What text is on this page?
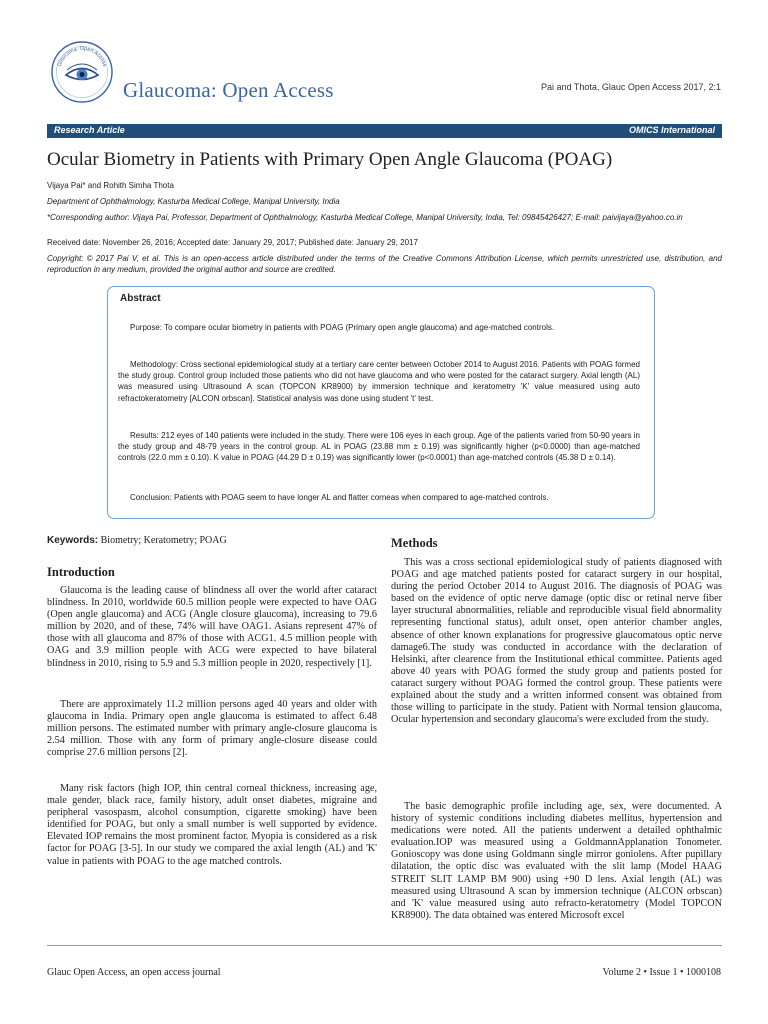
Glaucoma: Open Access
Glaucoma: Open Access	Pai and Thota, Glauc Open Access 2017, 2:1
Research Article	OMICS International
Ocular Biometry in Patients with Primary Open Angle Glaucoma (POAG)
Vijaya Pai* and Rohith Simha Thota
Department of Ophthalmology, Kasturba Medical College, Manipal University, India
*Corresponding author: Vijaya Pai, Professor, Department of Ophthalmology, Kasturba Medical College, Manipal University, India, Tel: 09845426427; E-mail: paivijaya@yahoo.co.in
Received date: November 26, 2016; Accepted date: January 29, 2017; Published date: January 29, 2017
Copyright: © 2017 Pai V, et al. This is an open-access article distributed under the terms of the Creative Commons Attribution License, which permits unrestricted use, distribution, and reproduction in any medium, provided the original author and source are credited.
Abstract

Purpose: To compare ocular biometry in patients with POAG (Primary open angle glaucoma) and age-matched controls.

Methodology: Cross sectional epidemiological study at a tertiary care center between October 2014 to August 2016. Patients with POAG formed the study group. Control group included those patients who did not have glaucoma and who were posted for the cataract surgery. Axial length (AL) was measured using Ultrasound A scan (TOPCON KR8900) by immersion technique and keratometry 'K' value measured using auto refractokeratometry [ALCON orbscan]. Statistical analysis was done using student 't' test.

Results: 212 eyes of 140 patients were included in the study. There were 106 eyes in each group. Age of the patients varied from 50-90 years in the study group and 48-79 years in the control group. AL in POAG (23.88 mm ± 0.19) was significantly higher (p<0.0000) than age-matched controls (22.0 mm ± 0.10). K value in POAG (44.29 D ± 0.19) was significantly lower (p<0.0001) than age-matched controls (45.38 D ± 0.14).

Conclusion: Patients with POAG seem to have longer AL and flatter corneas when compared to age-matched controls.

Keywords: Biometry; Keratometry; POAG
Introduction

Glaucoma is the leading cause of blindness all over the world after cataract blindness. In 2010, worldwide 60.5 million people were expected to have OAG (Open angle glaucoma) and ACG (Angle closure glaucoma), increasing to 79.6 million by 2020, and of these, 74% will have OAG1. Asians represent 47% of those with all glaucoma and 87% of those with ACG1. 4.5 million people with OAG and 3.9 million people with ACG were expected to have bilateral blindness in 2010, rising to 5.9 and 5.3 million people in 2020, respectively [1].

There are approximately 11.2 million persons aged 40 years and older with glaucoma in India. Primary open angle glaucoma is estimated to affect 6.48 million persons. The estimated number with primary angle-closure glaucoma is 2.54 million. Those with any form of primary angle-closure disease could comprise 27.6 million persons [2].

Many risk factors (high IOP, thin central corneal thickness, increasing age, male gender, black race, family history, adult onset diabetes, migraine and peripheral vasospasm, alcohol consumption, cigarette smoking) have been identified for POAG, but only a small number is well supported by evidence. Elevated IOP remains the most prominent factor. Myopia is considered as a risk factor for POAG [3-5]. In our study we compared the axial length (AL) and 'K' value in patients with POAG to the age matched controls.

Methods

This was a cross sectional epidemiological study of patients diagnosed with POAG and age matched patients posted for cataract surgery in our hospital, during the period October 2014 to August 2016. The diagnosis of POAG was based on the evidence of optic nerve damage (optic disc or retinal nerve fiber layer structural abnormalities, reliable and reproducible visual field abnormality representing functional status), adult onset, open anterior chamber angles, absence of other known explanations for progressive glaucomatous optic nerve damage6.The study was conducted in accordance with the declaration of Helsinki, after clearence from the Institutional ethical committee. Patients aged above 40 years with POAG formed the study group and patients posted for cataract surgery without POAG formed the control group. These patients were explained about the study and a written informed consent was obtained from those willing to participate in the study. Patient with Normal tension glaucoma, Ocular hypertension and secondary glaucoma's were excluded from the study.

The basic demographic profile including age, sex, were documented. A history of systemic conditions including diabetes mellitus, hypertension and medications were noted. All the patients underwent a detailed ophthalmic evaluation.IOP was measured using a GoldmannApplanation Tonometer. Gonioscopy was done using Goldmann single mirror goniolens. After pupillary dilatation, the optic disc was evaluated with the slit lamp (Model HAAG STREIT SLIT LAMP BM 900) using +90 D lens. Axial length (AL) was measured using Ultrasound A scan by immersion technique (ALCON orbscan) and 'K' value measured using auto refracto-keratometry (Model TOPCON KR8900). The data obtained was entered Microsoft excel

Glauc Open Access, an open access journal	Volume 2 • Issue 1 • 1000108
